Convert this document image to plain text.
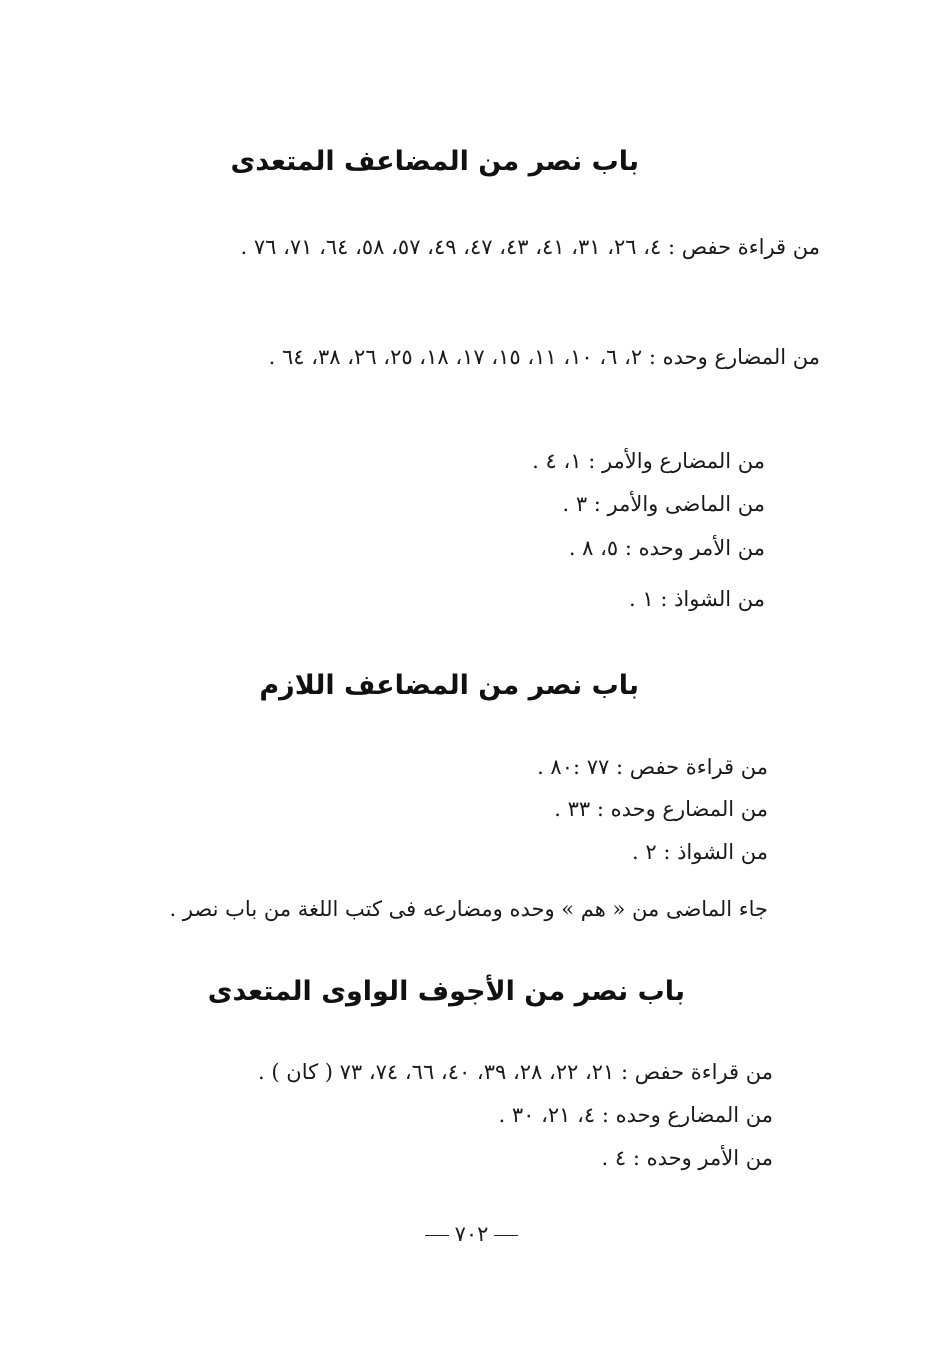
باب نصر من المضاعف المتعدى
من قراءة حفص : ٤، ٢٦، ٣١، ٤١، ٤٣، ٤٧، ٤٩، ٥٧، ٥٨، ٦٤، ٧١، ٧٦ .
من المضارع وحده : ٢، ٦، ١٠، ١١، ١٥، ١٧، ١٨، ٢٥، ٢٦، ٣٨، ٦٤ .
من المضارع والأمر : ١، ٤ .
من الماضى والأمر : ٣ .
من الأمر وحده : ٥، ٨ .
من الشواذ : ١ .
باب نصر من المضاعف اللازم
من قراءة حفص : ٧٧ :٨٠ .
من المضارع وحده : ٣٣ .
من الشواذ : ٢ .
جاء الماضى من « هم » وحده ومضارعه فى كتب اللغة من باب نصر .
باب نصر من الأجوف الواوى المتعدى
من قراءة حفص : ٢١، ٢٢، ٢٨، ٣٩، ٤٠، ٦٦، ٧٤، ٧٣ ( كان ) .
من المضارع وحده : ٤، ٢١، ٣٠ .
من الأمر وحده : ٤ .
٧٠٢
